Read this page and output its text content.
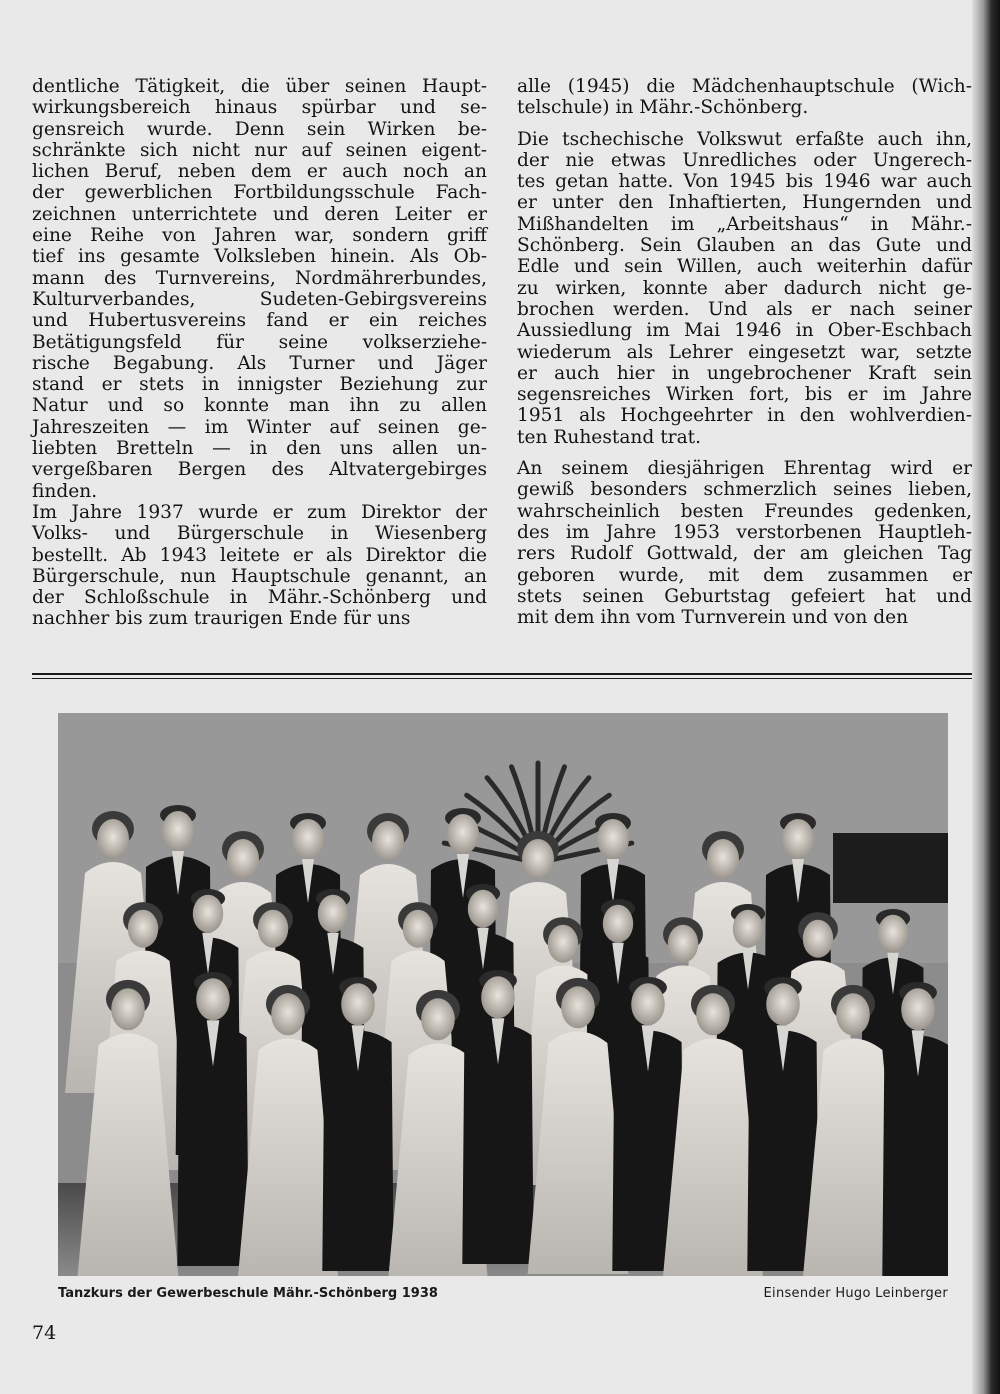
dentliche Tätigkeit, die über seinen Haupt-
wirkungsbereich hinaus spürbar und se-
gensreich wurde. Denn sein Wirken be-
schränkte sich nicht nur auf seinen eigent-
lichen Beruf, neben dem er auch noch an
der gewerblichen Fortbildungsschule Fach-
zeichnen unterrichtete und deren Leiter er
eine Reihe von Jahren war, sondern griff
tief ins gesamte Volksleben hinein. Als Ob-
mann des Turnvereins, Nordmährerbundes,
Kulturverbandes, Sudeten-Gebirgsvereins
und Hubertusvereins fand er ein reiches
Betätigungsfeld für seine volkserziehe-
rische Begabung. Als Turner und Jäger
stand er stets in innigster Beziehung zur
Natur und so konnte man ihn zu allen
Jahreszeiten — im Winter auf seinen ge-
liebten Bretteln — in den uns allen un-
vergeßbaren Bergen des Altvatergebirges
finden.
Im Jahre 1937 wurde er zum Direktor der
Volks- und Bürgerschule in Wiesenberg
bestellt. Ab 1943 leitete er als Direktor die
Bürgerschule, nun Hauptschule genannt, an
der Schloßschule in Mähr.-Schönberg und
nachher bis zum traurigen Ende für uns
alle (1945) die Mädchenhauptschule (Wich-
telschule) in Mähr.-Schönberg.
Die tschechische Volkswut erfaßte auch ihn,
der nie etwas Unredliches oder Ungerech-
tes getan hatte. Von 1945 bis 1946 war auch
er unter den Inhaftierten, Hungernden und
Mißhandelten im „Arbeitshaus“ in Mähr.-
Schönberg. Sein Glauben an das Gute und
Edle und sein Willen, auch weiterhin dafür
zu wirken, konnte aber dadurch nicht ge-
brochen werden. Und als er nach seiner
Aussiedlung im Mai 1946 in Ober-Eschbach
wiederum als Lehrer eingesetzt war, setzte
er auch hier in ungebrochener Kraft sein
segensreiches Wirken fort, bis er im Jahre
1951 als Hochgeehrter in den wohlverdien-
ten Ruhestand trat.
An seinem diesjährigen Ehrentag wird er
gewiß besonders schmerzlich seines lieben,
wahrscheinlich besten Freundes gedenken,
des im Jahre 1953 verstorbenen Hauptleh-
rers Rudolf Gottwald, der am gleichen Tag
geboren wurde, mit dem zusammen er
stets seinen Geburtstag gefeiert hat und
mit dem ihn vom Turnverein und von den
Tanzkurs der Gewerbeschule Mähr.-Schönberg 1938	Einsender Hugo Leinberger
74
